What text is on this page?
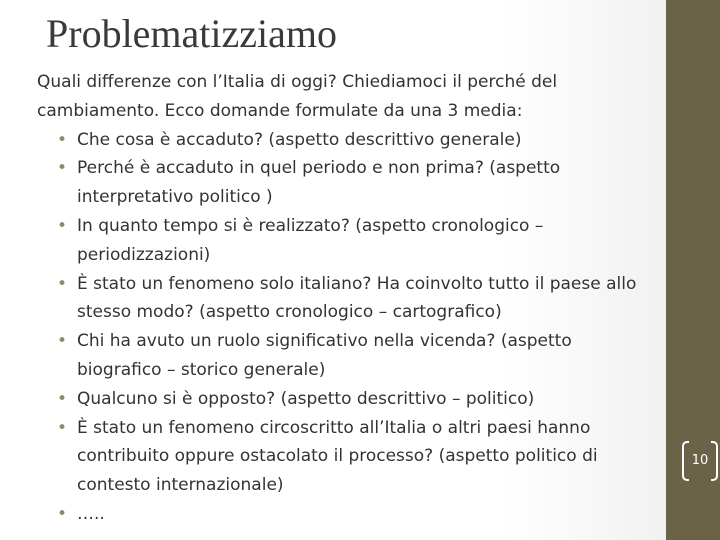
Problematizziamo

Quali differenze con l’Italia di oggi? Chiediamoci il perché del cambiamento. Ecco domande formulate da una 3 media:

• Che cosa è accaduto? (aspetto descrittivo generale)
• Perché è accaduto in quel periodo e non prima? (aspetto interpretativo politico )
• In quanto tempo si è realizzato? (aspetto cronologico – periodizzazioni)
• È stato un fenomeno solo italiano? Ha coinvolto tutto il paese allo stesso modo? (aspetto cronologico – cartografico)
• Chi ha avuto un ruolo significativo nella vicenda? (aspetto biografico – storico generale)
• Qualcuno si è opposto? (aspetto descrittivo – politico)
• È stato un fenomeno circoscritto all’Italia o altri paesi hanno contribuito oppure ostacolato il processo? (aspetto politico di contesto internazionale)
• …..
10
